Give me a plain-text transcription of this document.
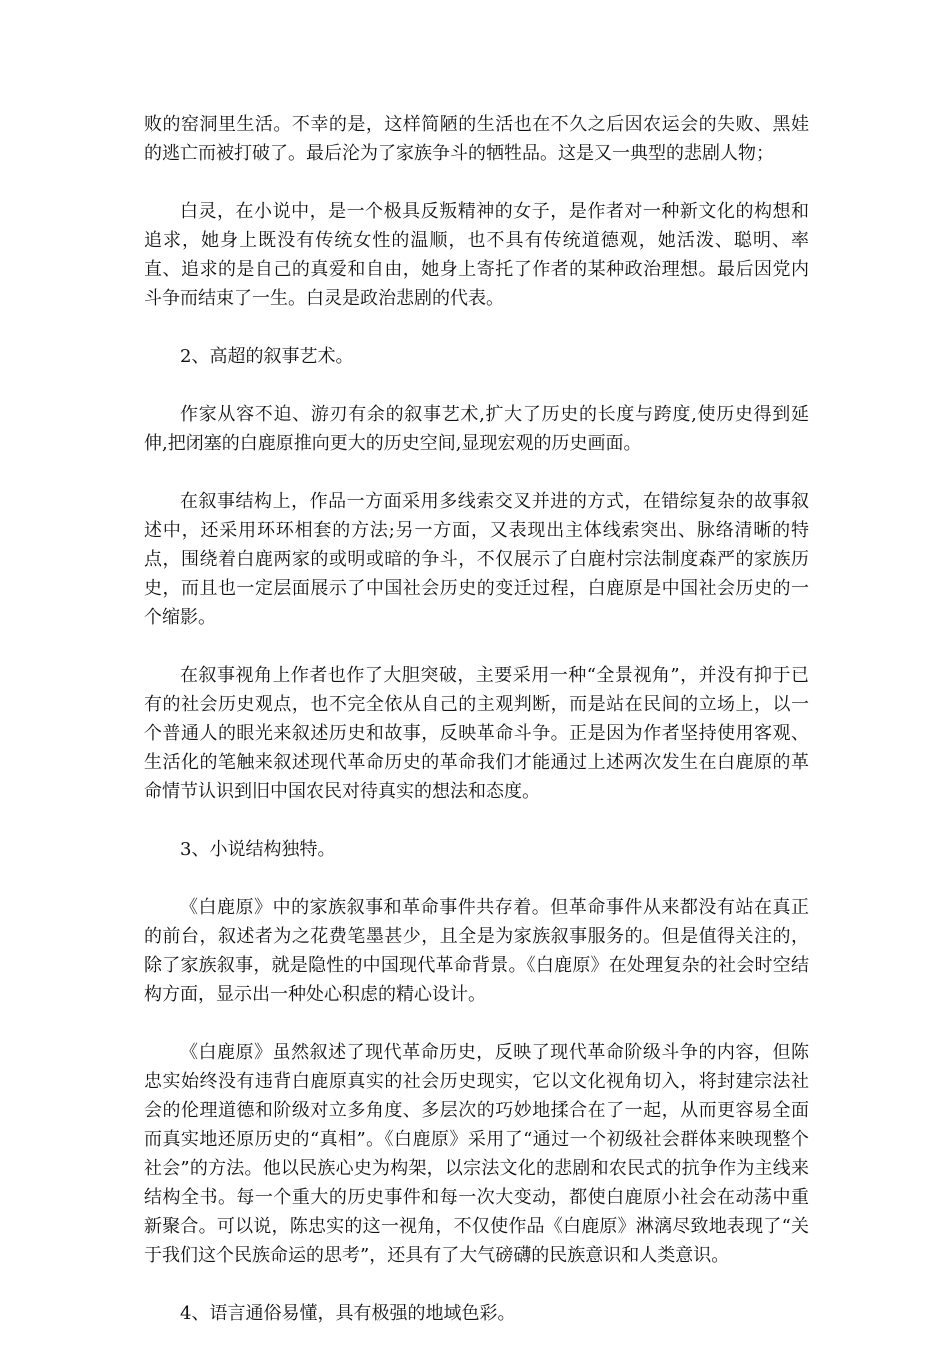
败的窑洞里生活。不幸的是，这样简陋的生活也在不久之后因农运会的失败、黑娃的逃亡而被打破了。最后沦为了家族争斗的牺牲品。这是又一典型的悲剧人物；

白灵，在小说中，是一个极具反叛精神的女子，是作者对一种新文化的构想和追求，她身上既没有传统女性的温顺，也不具有传统道德观，她活泼、聪明、率直、追求的是自己的真爱和自由，她身上寄托了作者的某种政治理想。最后因党内斗争而结束了一生。白灵是政治悲剧的代表。

2、高超的叙事艺术。

作家从容不迫、游刃有余的叙事艺术,扩大了历史的长度与跨度,使历史得到延伸,把闭塞的白鹿原推向更大的历史空间,显现宏观的历史画面。

在叙事结构上，作品一方面采用多线索交叉并进的方式，在错综复杂的故事叙述中，还采用环环相套的方法;另一方面，又表现出主体线索突出、脉络清晰的特点，围绕着白鹿两家的或明或暗的争斗，不仅展示了白鹿村宗法制度森严的家族历史，而且也一定层面展示了中国社会历史的变迁过程，白鹿原是中国社会历史的一个缩影。

在叙事视角上作者也作了大胆突破，主要采用一种“全景视角”，并没有抑于已有的社会历史观点，也不完全依从自己的主观判断，而是站在民间的立场上，以一个普通人的眼光来叙述历史和故事，反映革命斗争。正是因为作者坚持使用客观、生活化的笔触来叙述现代革命历史的革命我们才能通过上述两次发生在白鹿原的革命情节认识到旧中国农民对待真实的想法和态度。

3、小说结构独特。

《白鹿原》中的家族叙事和革命事件共存着。但革命事件从来都没有站在真正的前台，叙述者为之花费笔墨甚少，且全是为家族叙事服务的。但是值得关注的，除了家族叙事，就是隐性的中国现代革命背景。《白鹿原》在处理复杂的社会时空结构方面，显示出一种处心积虑的精心设计。

《白鹿原》虽然叙述了现代革命历史，反映了现代革命阶级斗争的内容，但陈忠实始终没有违背白鹿原真实的社会历史现实，它以文化视角切入，将封建宗法社会的伦理道德和阶级对立多角度、多层次的巧妙地揉合在了一起，从而更容易全面而真实地还原历史的“真相”。《白鹿原》采用了“通过一个初级社会群体来映现整个社会”的方法。他以民族心史为构架，以宗法文化的悲剧和农民式的抗争作为主线来结构全书。每一个重大的历史事件和每一次大变动，都使白鹿原小社会在动荡中重新聚合。可以说，陈忠实的这一视角，不仅使作品《白鹿原》淋漓尽致地表现了“关于我们这个民族命运的思考”，还具有了大气磅礴的民族意识和人类意识。

4、语言通俗易懂，具有极强的地域色彩。
